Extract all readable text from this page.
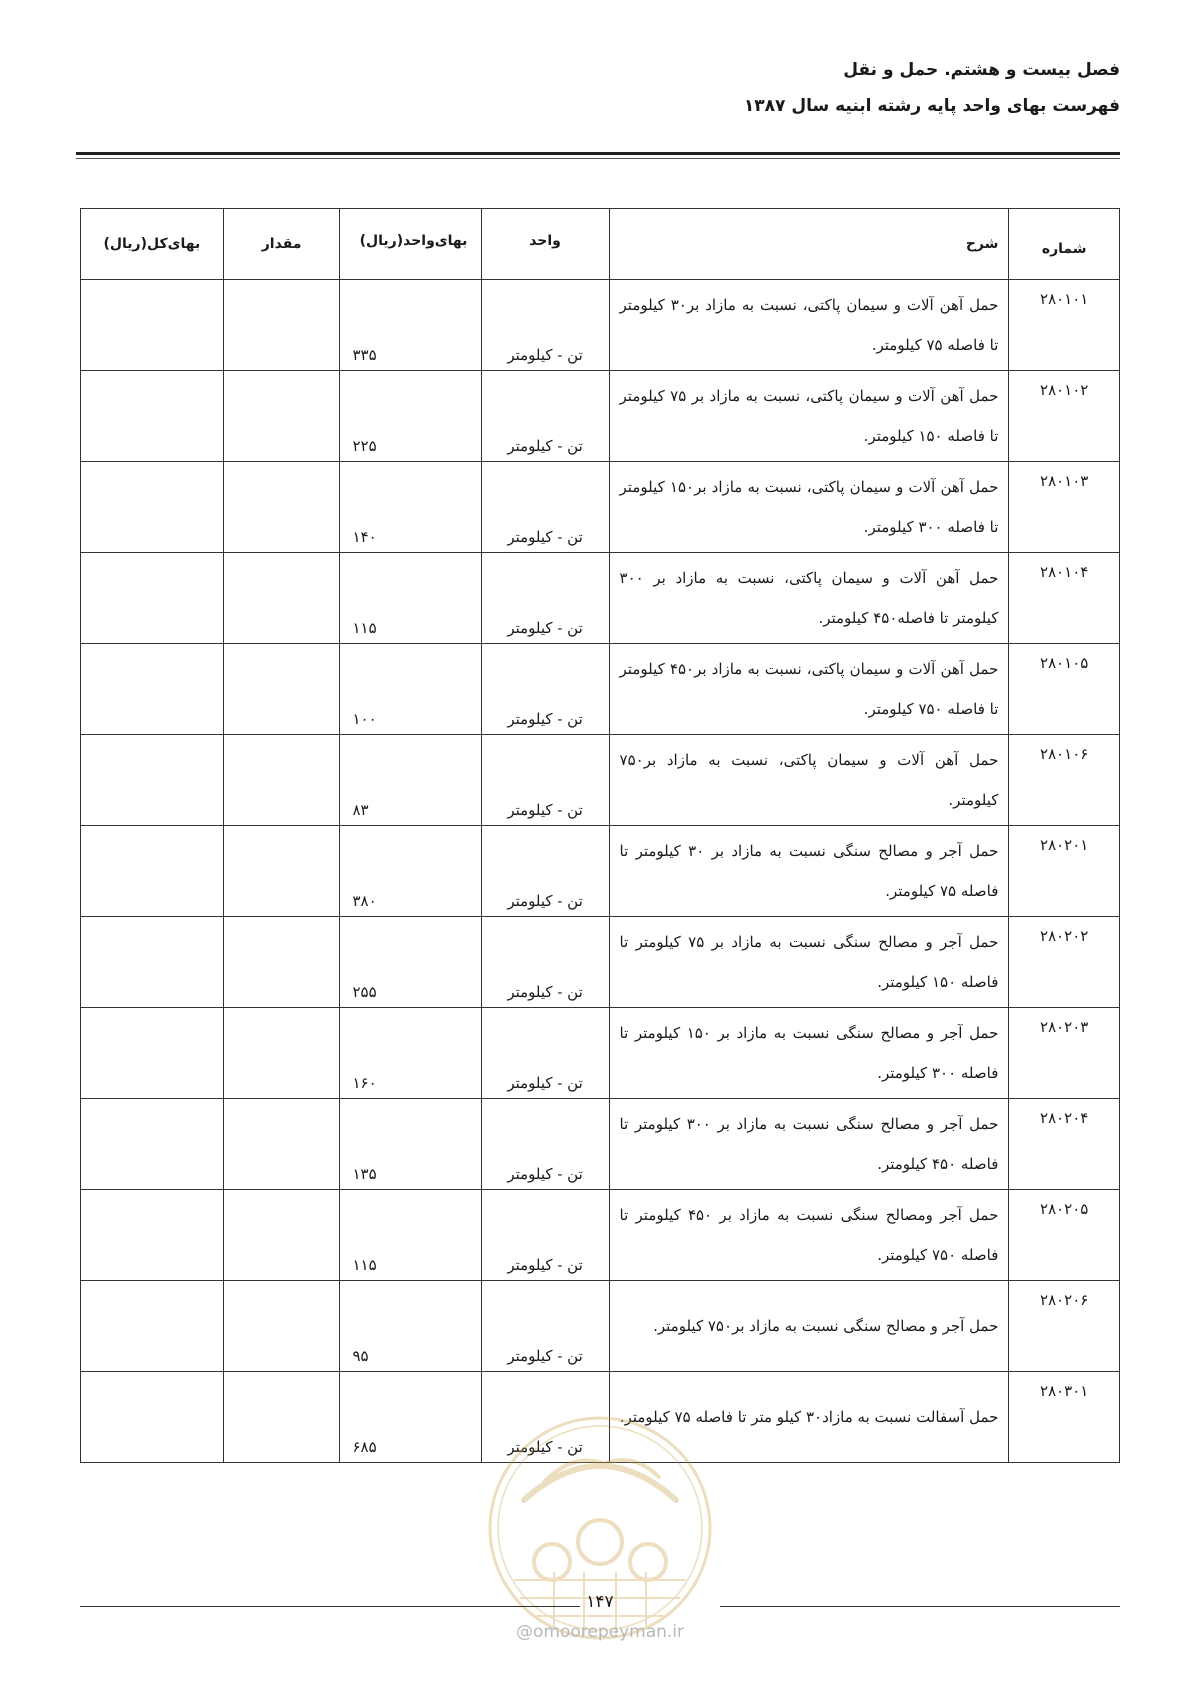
فصل بیست و هشتم. حمل و نقل
فهرست بهای واحد پایه رشته ابنیه سال ۱۳۸۷
شماره	شرح	واحد	بهای‌واحد(ریال)	مقدار	بهای‌کل(ریال)
۲۸۰۱۰۱	حمل آهن آلات و سیمان پاکتی، نسبت به مازاد بر۳۰ کیلومتر تا فاصله ۷۵ کیلومتر.	تن - کیلومتر	۳۳۵		
۲۸۰۱۰۲	حمل آهن آلات و سیمان پاکتی، نسبت به مازاد بر ۷۵ کیلومتر تا فاصله ۱۵۰ کیلومتر.	تن - کیلومتر	۲۲۵		
۲۸۰۱۰۳	حمل آهن آلات و سیمان پاکتی، نسبت به مازاد بر۱۵۰ کیلومتر تا فاصله ۳۰۰ کیلومتر.	تن - کیلومتر	۱۴۰		
۲۸۰۱۰۴	حمل آهن آلات و سیمان پاکتی، نسبت به مازاد بر ۳۰۰ کیلومتر تا فاصله۴۵۰ کیلومتر.	تن - کیلومتر	۱۱۵		
۲۸۰۱۰۵	حمل آهن آلات و سیمان پاکتی، نسبت به مازاد بر۴۵۰ کیلومتر تا فاصله ۷۵۰ کیلومتر.	تن - کیلومتر	۱۰۰		
۲۸۰۱۰۶	حمل آهن آلات و سیمان پاکتی، نسبت به مازاد بر۷۵۰ کیلومتر.	تن - کیلومتر	۸۳		
۲۸۰۲۰۱	حمل آجر و مصالح سنگی نسبت به مازاد بر ۳۰ کیلومتر تا فاصله ۷۵ کیلومتر.	تن - کیلومتر	۳۸۰		
۲۸۰۲۰۲	حمل آجر و مصالح سنگی نسبت به مازاد بر ۷۵ کیلومتر تا فاصله ۱۵۰ کیلومتر.	تن - کیلومتر	۲۵۵		
۲۸۰۲۰۳	حمل آجر و مصالح سنگی نسبت به مازاد بر ۱۵۰ کیلومتر تا فاصله ۳۰۰ کیلومتر.	تن - کیلومتر	۱۶۰		
۲۸۰۲۰۴	حمل آجر و مصالح سنگی نسبت به مازاد بر ۳۰۰ کیلومتر تا فاصله ۴۵۰ کیلومتر.	تن - کیلومتر	۱۳۵		
۲۸۰۲۰۵	حمل آجر ومصالح سنگی نسبت به مازاد بر ۴۵۰ کیلومتر تا فاصله ۷۵۰ کیلومتر.	تن - کیلومتر	۱۱۵		
۲۸۰۲۰۶	حمل آجر و مصالح سنگی نسبت به مازاد بر۷۵۰ کیلومتر.	تن - کیلومتر	۹۵		
۲۸۰۳۰۱	حمل آسفالت نسبت به مازاد۳۰ کیلو متر تا فاصله ۷۵ کیلومتر.	تن - کیلومتر	۶۸۵		
۱۴۷
@omoorepeyman.ir
